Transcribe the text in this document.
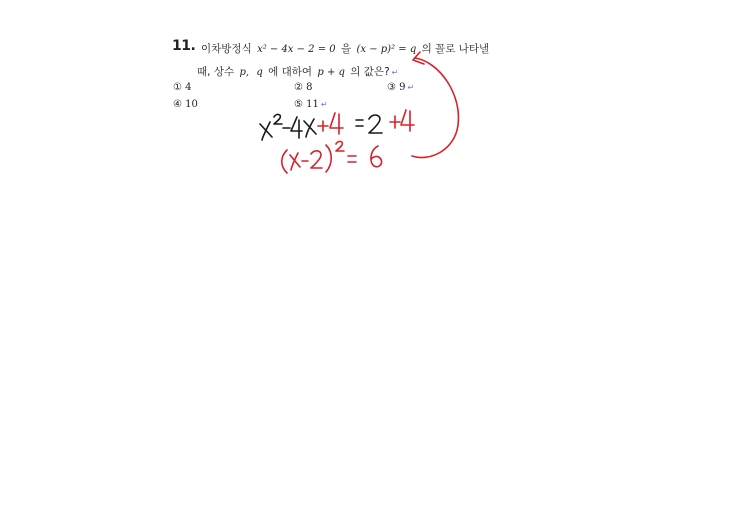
11. 이차방정식 x² − 4x − 2 = 0 을 (x − p)² = q 의 꼴로 나타낼
때, 상수 p, q 에 대하여 p + q 의 값은? ↵
① 4	② 8	③ 9 ↵
④ 10	⑤ 11 ↵
